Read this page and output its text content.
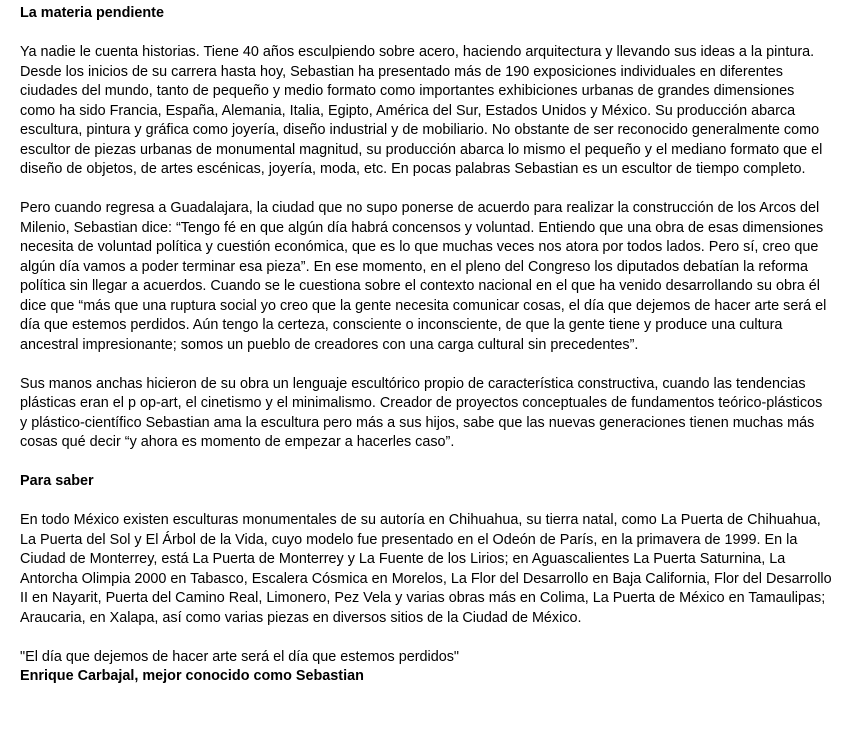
La materia pendiente

Ya nadie le cuenta historias. Tiene 40 años esculpiendo sobre acero, haciendo arquitectura y llevando sus ideas a la pintura. Desde los inicios de su carrera hasta hoy, Sebastian ha presentado más de 190 exposiciones individuales en diferentes ciudades del mundo, tanto de pequeño y medio formato como importantes exhibiciones urbanas de grandes dimensiones como ha sido Francia, España, Alemania, Italia, Egipto, América del Sur, Estados Unidos y México. Su producción abarca escultura, pintura y gráfica como joyería, diseño industrial y de mobiliario. No obstante de ser reconocido generalmente como escultor de piezas urbanas de monumental magnitud, su producción abarca lo mismo el pequeño y el mediano formato que el diseño de objetos, de artes escénicas, joyería, moda, etc. En pocas palabras Sebastian es un escultor de tiempo completo.

Pero cuando regresa a Guadalajara, la ciudad que no supo ponerse de acuerdo para realizar la construcción de los Arcos del Milenio, Sebastian dice: “Tengo fé en que algún día habrá concensos y voluntad. Entiendo que una obra de esas dimensiones necesita de voluntad política y cuestión económica, que es lo que muchas veces nos atora por todos lados. Pero sí, creo que algún día vamos a poder terminar esa pieza”. En ese momento, en el pleno del Congreso los diputados debatían la reforma política sin llegar a acuerdos. Cuando se le cuestiona sobre el contexto nacional en el que ha venido desarrollando su obra él dice que “más que una ruptura social yo creo que la gente necesita comunicar cosas, el día que dejemos de hacer arte será el día que estemos perdidos. Aún tengo la certeza, consciente o inconsciente, de que la gente tiene y produce una cultura ancestral impresionante; somos un pueblo de creadores con una carga cultural sin precedentes”.

Sus manos anchas hicieron de su obra un lenguaje escultórico propio de característica constructiva, cuando las tendencias plásticas eran el p op-art, el cinetismo y el minimalismo. Creador de proyectos conceptuales de fundamentos teórico-plásticos y plástico-científico Sebastian ama la escultura pero más a sus hijos, sabe que las nuevas generaciones tienen muchas más cosas qué decir “y ahora es momento de empezar a hacerles caso”.

Para saber

En todo México existen esculturas monumentales de su autoría en Chihuahua, su tierra natal, como La Puerta de Chihuahua, La Puerta del Sol y El Árbol de la Vida, cuyo modelo fue presentado en el Odeón de París, en la primavera de 1999. En la Ciudad de Monterrey, está La Puerta de Monterrey y La Fuente de los Lirios; en Aguascalientes La Puerta Saturnina, La Antorcha Olimpia 2000 en Tabasco, Escalera Cósmica en Morelos, La Flor del Desarrollo en Baja California, Flor del Desarrollo II en Nayarit, Puerta del Camino Real, Limonero, Pez Vela y varias obras más en Colima, La Puerta de México en Tamaulipas; Araucaria, en Xalapa, así como varias piezas en diversos sitios de la Ciudad de México.

"El día que dejemos de hacer arte será el día que estemos perdidos"

Enrique Carbajal, mejor conocido como Sebastian
